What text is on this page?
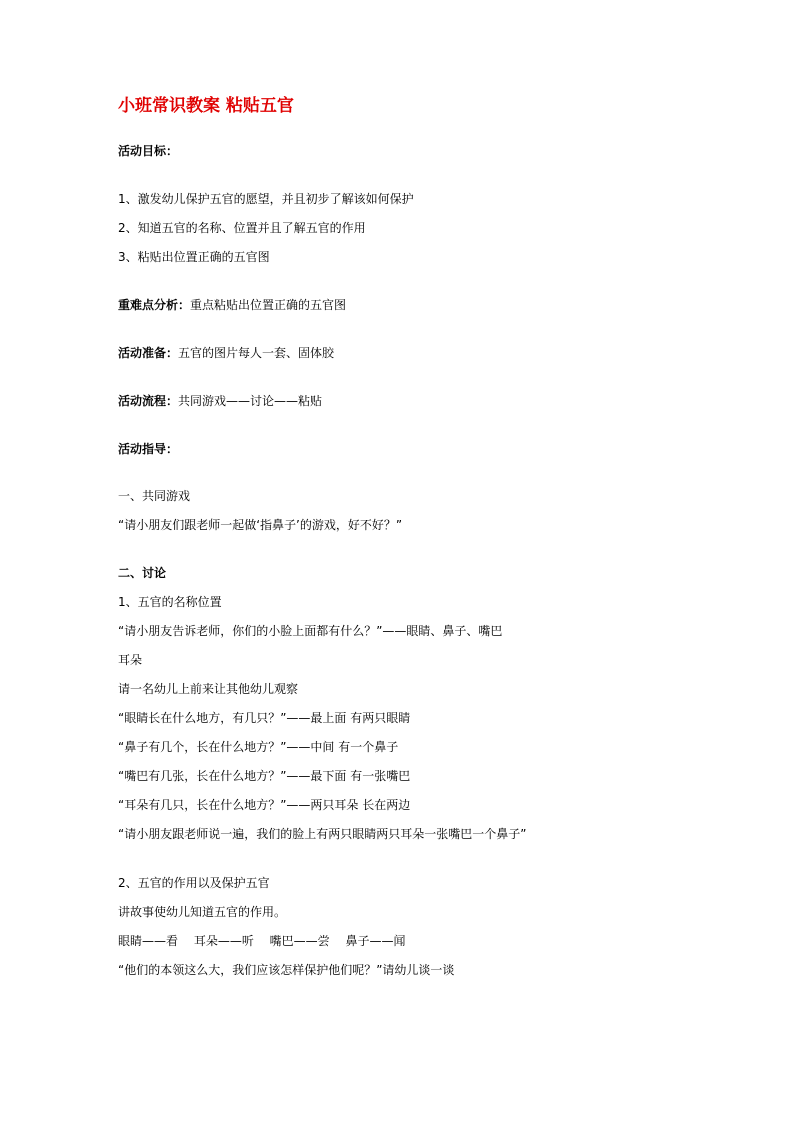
小班常识教案 粘贴五官
活动目标：
1、激发幼儿保护五官的愿望，并且初步了解该如何保护
2、知道五官的名称、位置并且了解五官的作用
3、粘贴出位置正确的五官图
重难点分析：重点粘贴出位置正确的五官图
活动准备：五官的图片每人一套、固体胶
活动流程：共同游戏——讨论——粘贴
活动指导：
一、共同游戏
“请小朋友们跟老师一起做‘指鼻子’的游戏，好不好？”
二、讨论
1、五官的名称位置
“请小朋友告诉老师，你们的小脸上面都有什么？”——眼睛、鼻子、嘴巴
耳朵
请一名幼儿上前来让其他幼儿观察
“眼睛长在什么地方，有几只？”——最上面 有两只眼睛
“鼻子有几个，长在什么地方？”——中间 有一个鼻子
“嘴巴有几张，长在什么地方？”——最下面 有一张嘴巴
“耳朵有几只，长在什么地方？”——两只耳朵 长在两边
“请小朋友跟老师说一遍，我们的脸上有两只眼睛两只耳朵一张嘴巴一个鼻子”
2、五官的作用以及保护五官
讲故事使幼儿知道五官的作用。
眼睛——看　 耳朵——听　 嘴巴——尝　 鼻子——闻
“他们的本领这么大，我们应该怎样保护他们呢？”请幼儿谈一谈
